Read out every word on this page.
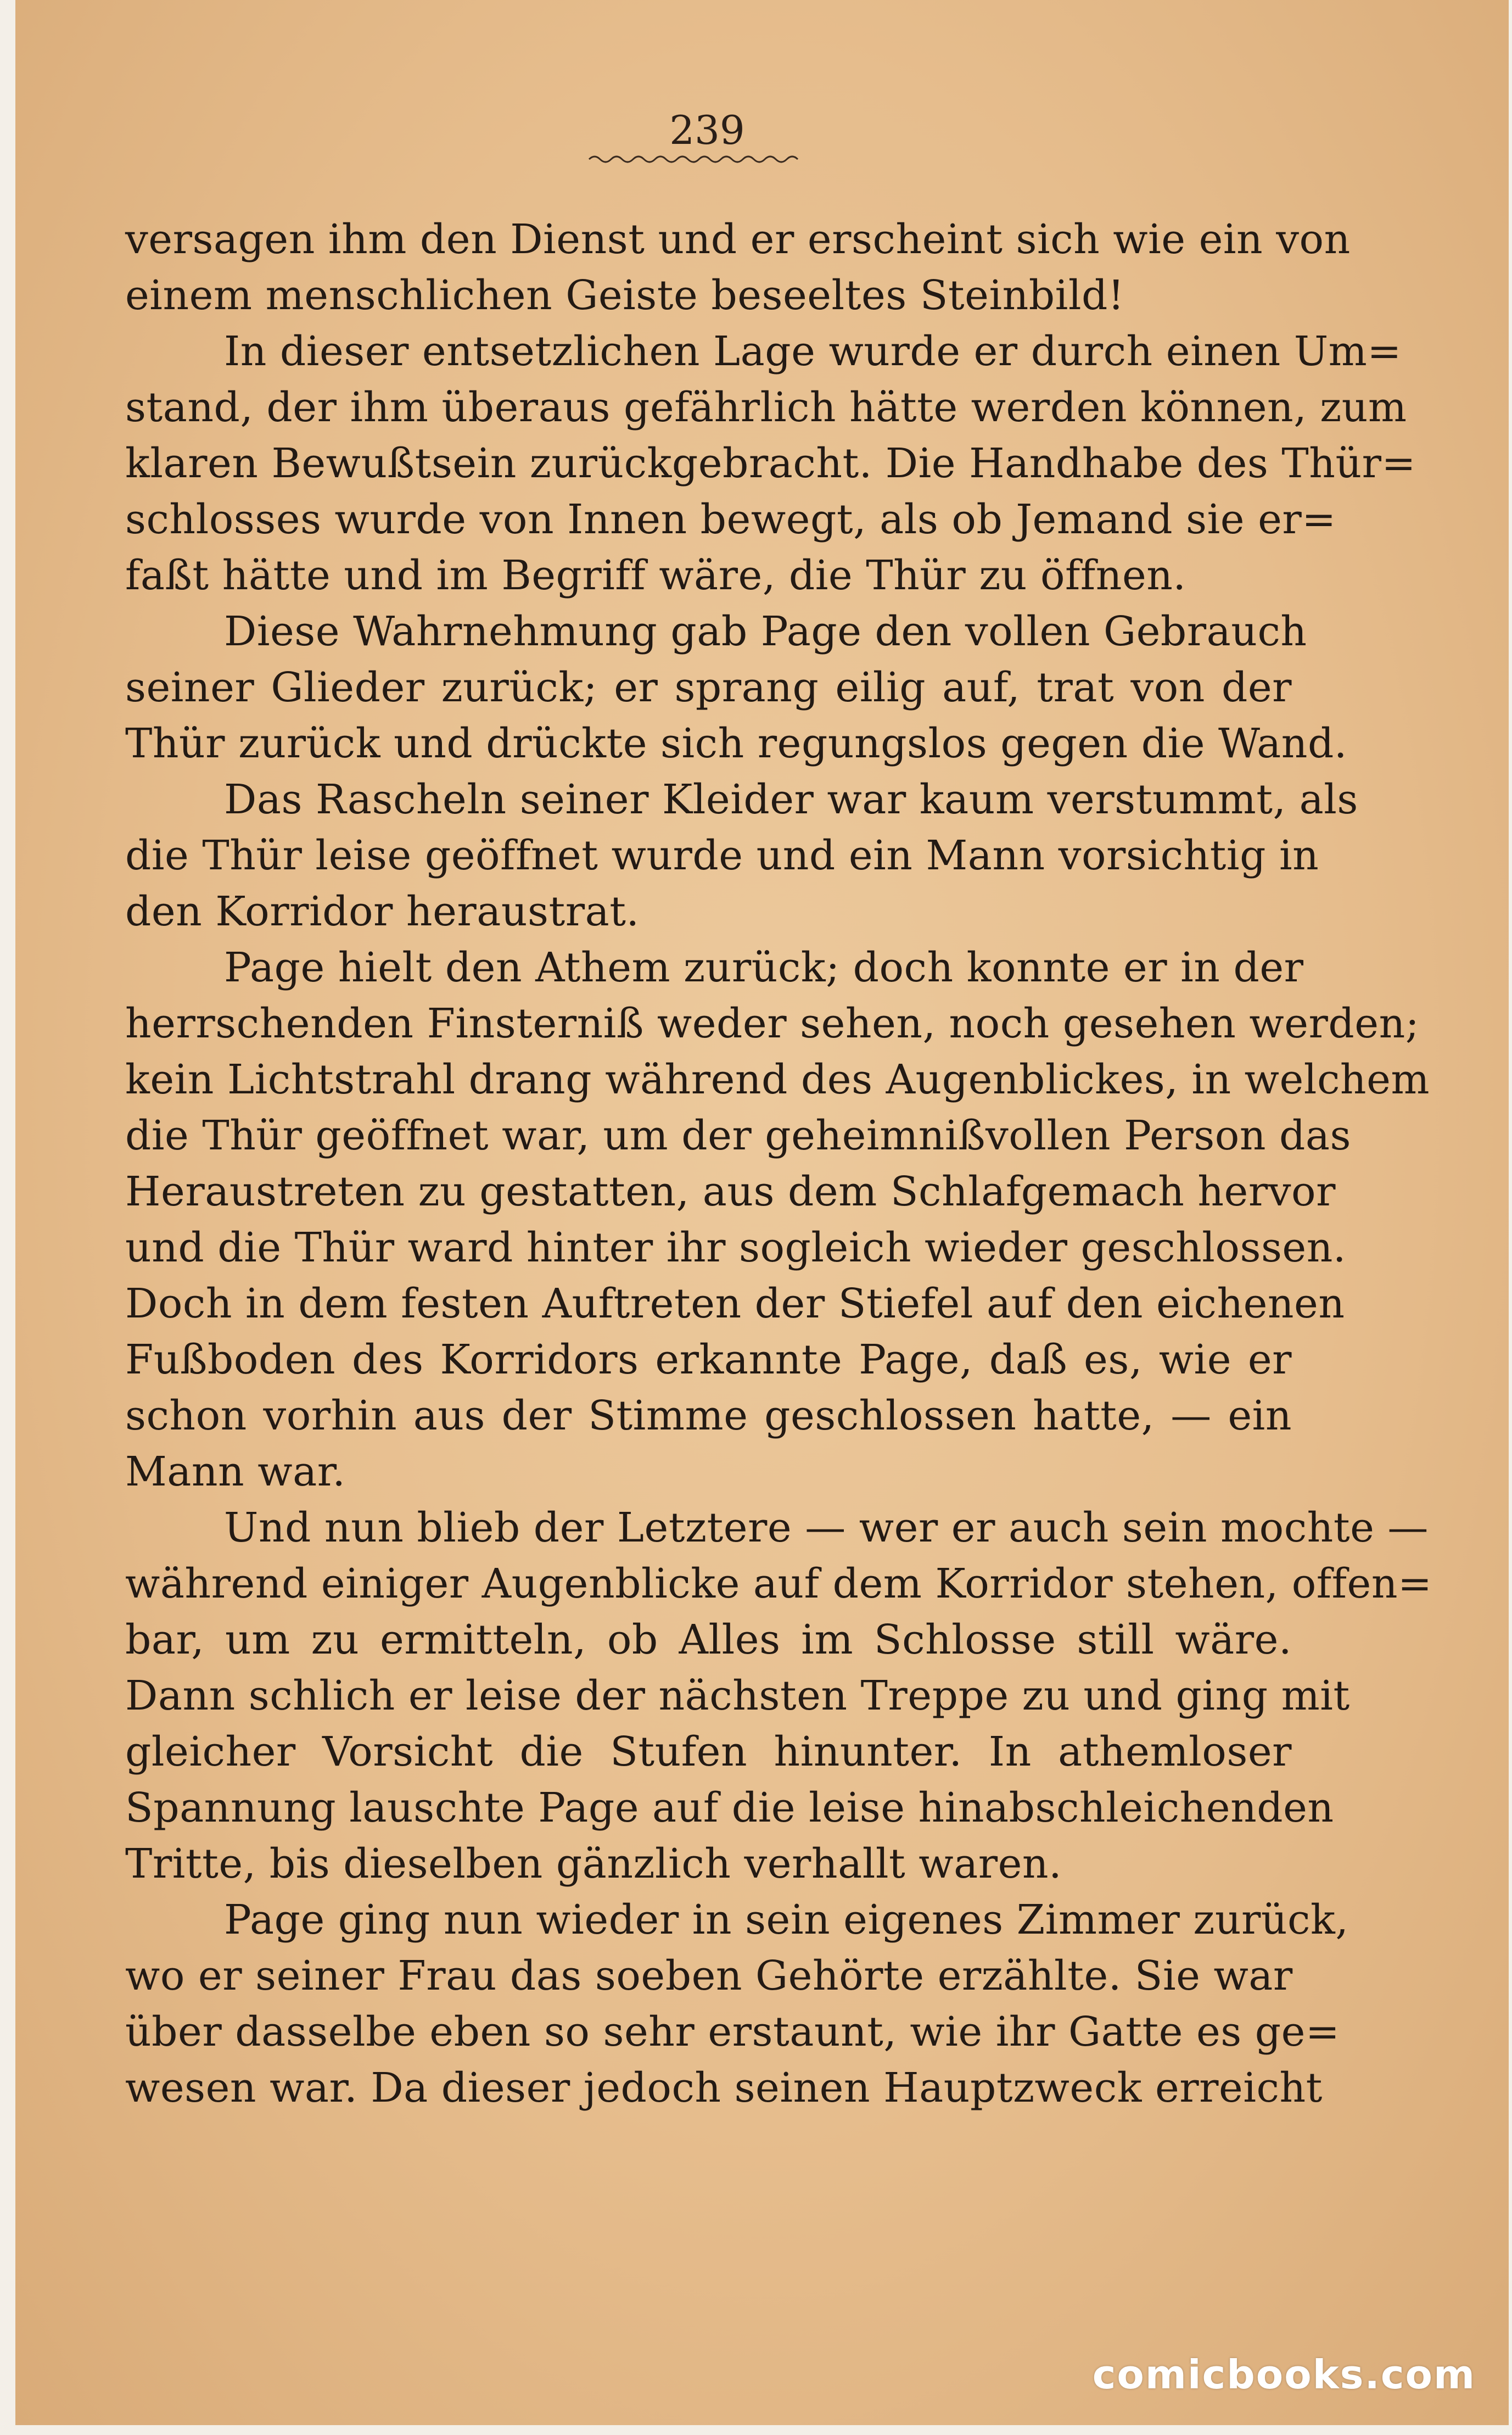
239
versagen ihm den Dienst und er erscheint sich wie ein von
einem menschlichen Geiste beseeltes Steinbild!
In dieser entsetzlichen Lage wurde er durch einen Um=
stand, der ihm überaus gefährlich hätte werden können, zum
klaren Bewußtsein zurückgebracht. Die Handhabe des Thür=
schlosses wurde von Innen bewegt, als ob Jemand sie er=
faßt hätte und im Begriff wäre, die Thür zu öffnen.
Diese Wahrnehmung gab Page den vollen Gebrauch
seiner Glieder zurück; er sprang eilig auf, trat von der
Thür zurück und drückte sich regungslos gegen die Wand.
Das Rascheln seiner Kleider war kaum verstummt, als
die Thür leise geöffnet wurde und ein Mann vorsichtig in
den Korridor heraustrat.
Page hielt den Athem zurück; doch konnte er in der
herrschenden Finsterniß weder sehen, noch gesehen werden;
kein Lichtstrahl drang während des Augenblickes, in welchem
die Thür geöffnet war, um der geheimnißvollen Person das
Heraustreten zu gestatten, aus dem Schlafgemach hervor
und die Thür ward hinter ihr sogleich wieder geschlossen.
Doch in dem festen Auftreten der Stiefel auf den eichenen
Fußboden des Korridors erkannte Page, daß es, wie er
schon vorhin aus der Stimme geschlossen hatte, — ein
Mann war.
Und nun blieb der Letztere — wer er auch sein mochte —
während einiger Augenblicke auf dem Korridor stehen, offen=
bar, um zu ermitteln, ob Alles im Schlosse still wäre.
Dann schlich er leise der nächsten Treppe zu und ging mit
gleicher Vorsicht die Stufen hinunter. In athemloser
Spannung lauschte Page auf die leise hinabschleichenden
Tritte, bis dieselben gänzlich verhallt waren.
Page ging nun wieder in sein eigenes Zimmer zurück,
wo er seiner Frau das soeben Gehörte erzählte. Sie war
über dasselbe eben so sehr erstaunt, wie ihr Gatte es ge=
wesen war. Da dieser jedoch seinen Hauptzweck erreicht
comicbooks.com
